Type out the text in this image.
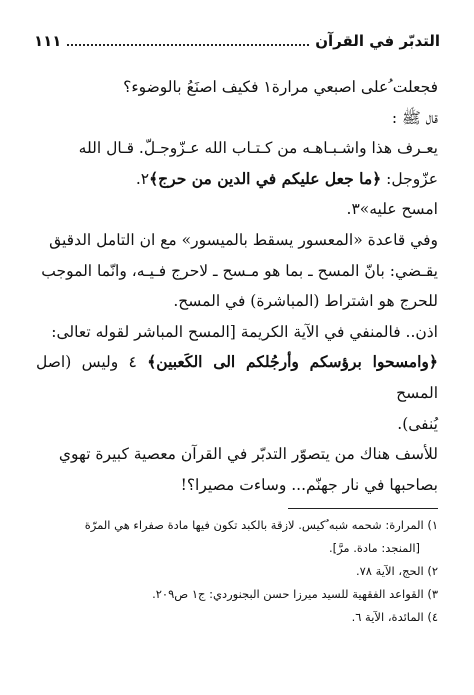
التدبّر في القرآن
١١١

فجعلت ُعلى اصبعي مرارة١ فكيف اصنَعُ بالوضوء؟

قال ﷺ :

يعـرف هذا واشـبـاهـه من كـتـاب الله عـزّوجـلّ. قـال الله

عزّوجل: ﴿ما جعل عليكم في الدين من حرج﴾٢.

امسح عليه»٣.

وفي قاعدة «المعسور يسقط بالميسور» مع ان التامل الدقيق

يقـضي: بانّ المسح ـ بما هو مـسح ـ لاحرج فـيـه، وانّما الموجب

للحرج هو اشتراط (المباشرة) في المسح.

اذن.. فالمنفي في الآية الكريمة [المسح المباشر لقوله تعالى:

﴿وامسحوا برؤسكم وأرجُلكم الى الكَعبين﴾ ٤ وليس (اصل المسح

يُنفى).

للأسف هناك من يتصوّر التدبّر في القرآن معصية كبيرة تهوي

بصاحبها في نار جهنّم... وساءت مصيرا؟!

١) المرارة: شحمه شبه ُكيس. لازقة بالكبد تكون فيها مادة صفراء هي المرّة

[المنجد: مادة. مرَّ].

٢) الحج، الآية ٧٨.

٣) القواعد الفقهية للسيد ميرزا حسن البجنوردي: ج١ ص٢٠٩.

٤) المائدة، الآية ٦.
